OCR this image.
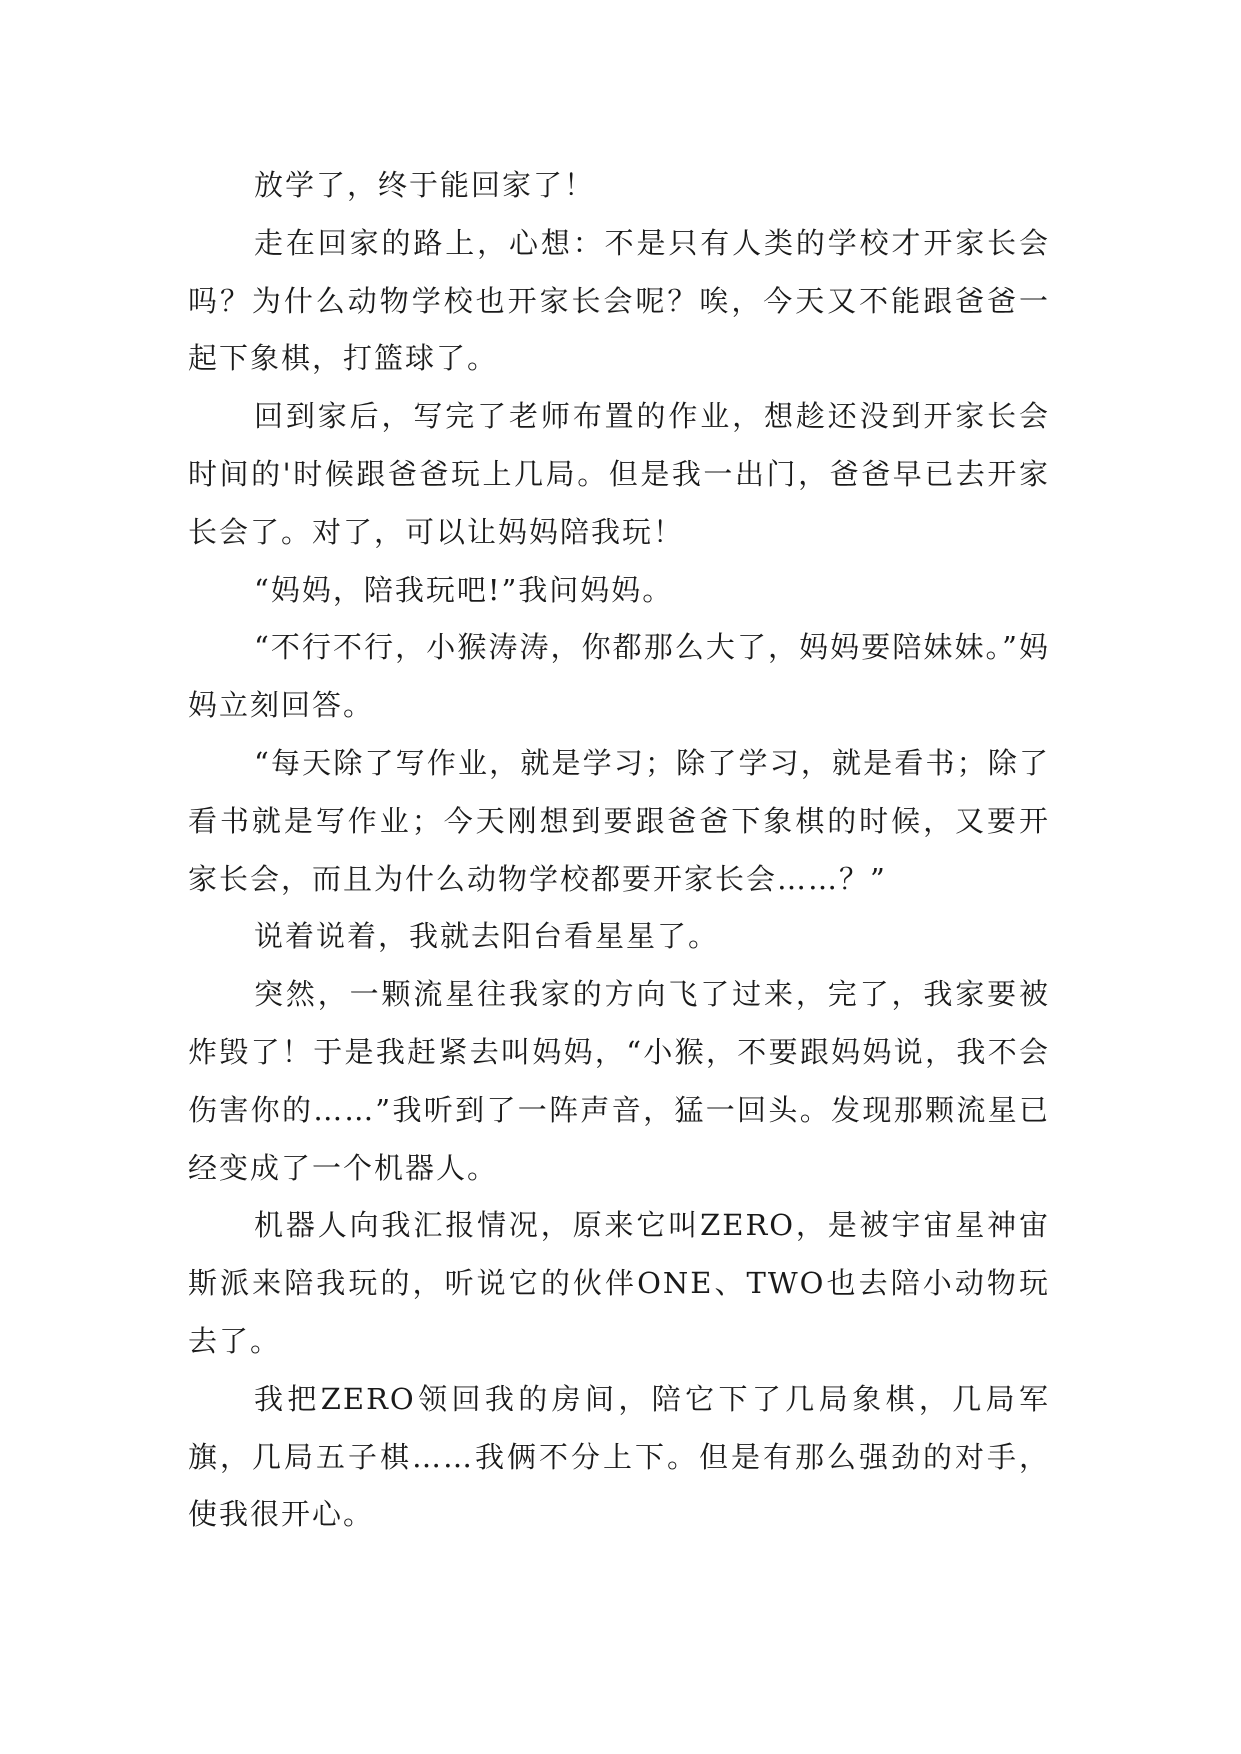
放学了，终于能回家了！

走在回家的路上，心想：不是只有人类的学校才开家长会吗？为什么动物学校也开家长会呢？唉，今天又不能跟爸爸一起下象棋，打篮球了。

回到家后，写完了老师布置的作业，想趁还没到开家长会时间的'时候跟爸爸玩上几局。但是我一出门，爸爸早已去开家长会了。对了，可以让妈妈陪我玩！

“妈妈，陪我玩吧!”我问妈妈。

“不行不行，小猴涛涛，你都那么大了，妈妈要陪妹妹。”妈妈立刻回答。

“每天除了写作业，就是学习；除了学习，就是看书；除了看书就是写作业；今天刚想到要跟爸爸下象棋的时候，又要开家长会，而且为什么动物学校都要开家长会……？”

说着说着，我就去阳台看星星了。

突然，一颗流星往我家的方向飞了过来，完了，我家要被炸毁了！于是我赶紧去叫妈妈，“小猴，不要跟妈妈说，我不会伤害你的……”我听到了一阵声音，猛一回头。发现那颗流星已经变成了一个机器人。

机器人向我汇报情况，原来它叫ZERO，是被宇宙星神宙斯派来陪我玩的，听说它的伙伴ONE、TWO也去陪小动物玩去了。

我把ZERO领回我的房间，陪它下了几局象棋，几局军旗，几局五子棋……我俩不分上下。但是有那么强劲的对手，使我很开心。
